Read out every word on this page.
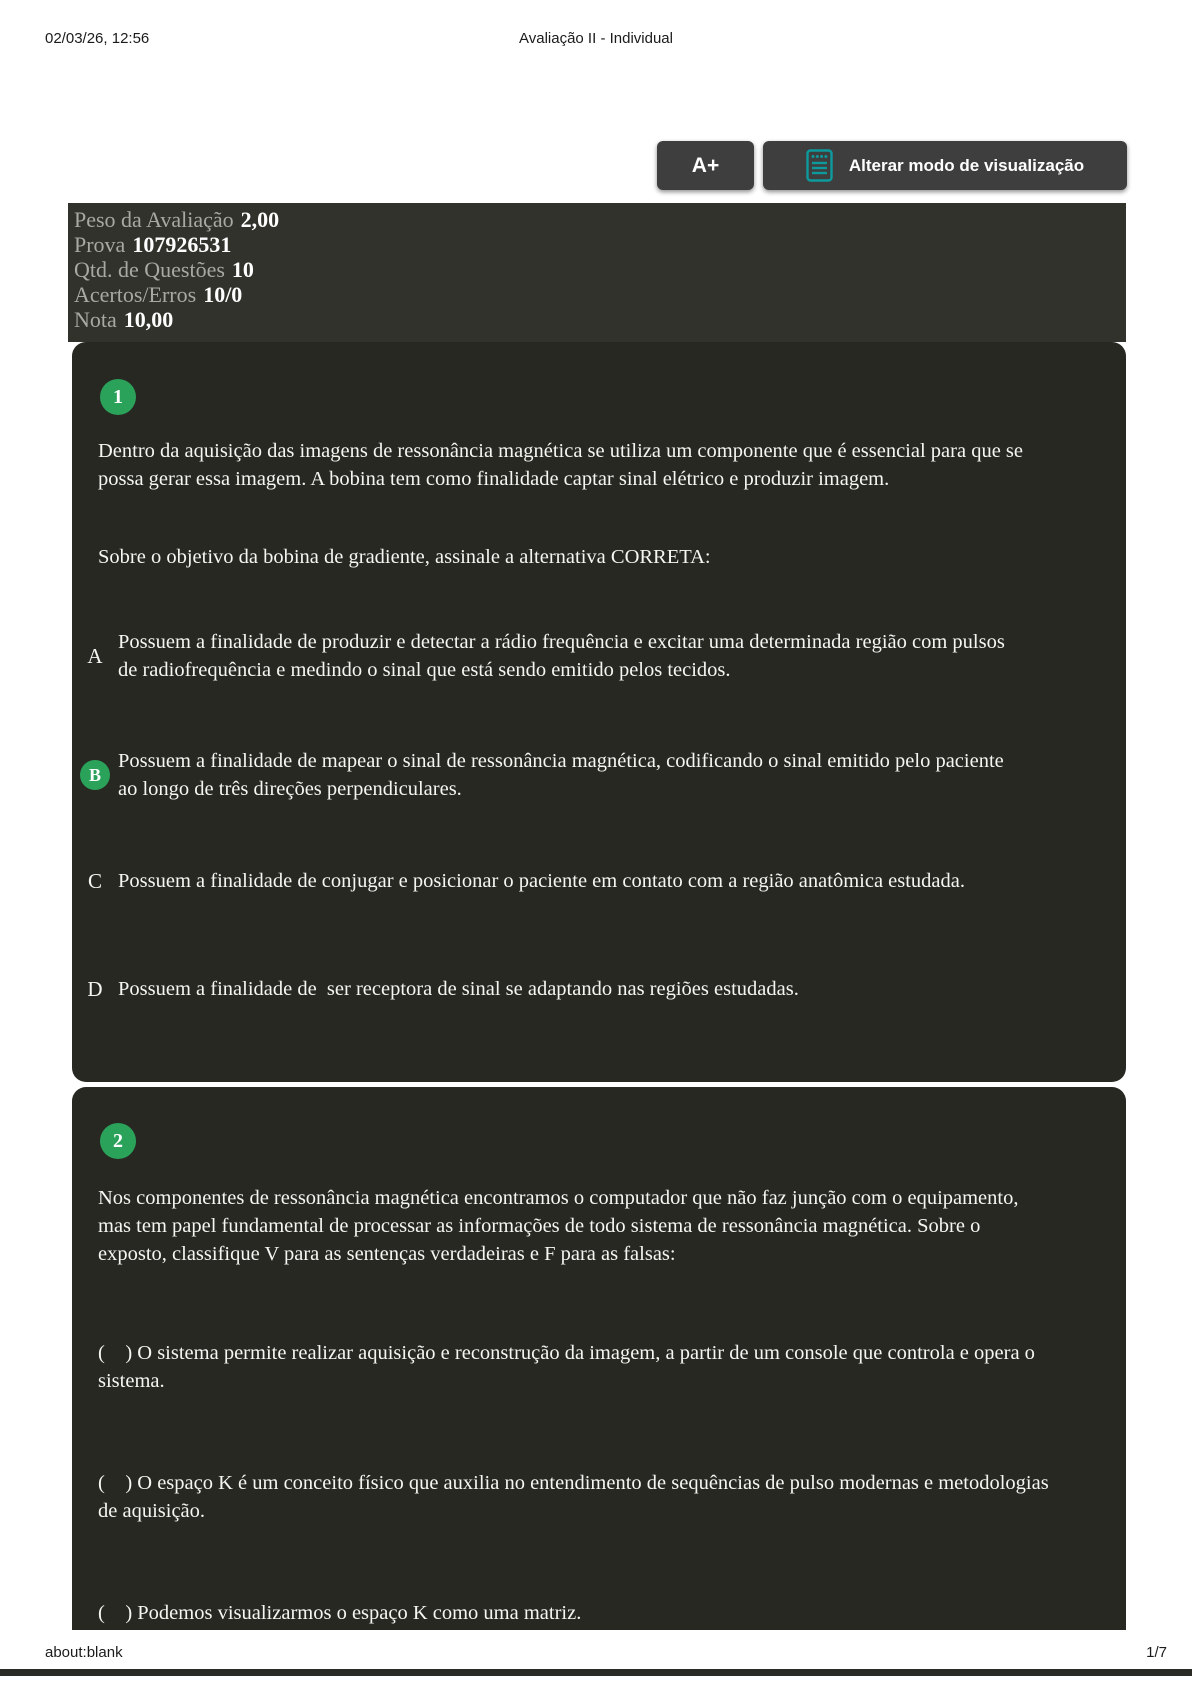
02/03/26, 12:56	Avaliação II - Individual
A+	Alterar modo de visualização
Peso da Avaliação 2,00
Prova 107926531
Qtd. de Questões 10
Acertos/Erros 10/0
Nota 10,00
1
Dentro da aquisição das imagens de ressonância magnética se utiliza um componente que é essencial para que se possa gerar essa imagem. A bobina tem como finalidade captar sinal elétrico e produzir imagem.
Sobre o objetivo da bobina de gradiente, assinale a alternativa CORRETA:
A
Possuem a finalidade de produzir e detectar a rádio frequência e excitar uma determinada região com pulsos de radiofrequência e medindo o sinal que está sendo emitido pelos tecidos.
B
Possuem a finalidade de mapear o sinal de ressonância magnética, codificando o sinal emitido pelo paciente ao longo de três direções perpendiculares.
C Possuem a finalidade de conjugar e posicionar o paciente em contato com a região anatômica estudada.
D Possuem a finalidade de  ser receptora de sinal se adaptando nas regiões estudadas.
2
Nos componentes de ressonância magnética encontramos o computador que não faz junção com o equipamento, mas tem papel fundamental de processar as informações de todo sistema de ressonância magnética. Sobre o exposto, classifique V para as sentenças verdadeiras e F para as falsas:
(    ) O sistema permite realizar aquisição e reconstrução da imagem, a partir de um console que controla e opera o sistema.
(    ) O espaço K é um conceito físico que auxilia no entendimento de sequências de pulso modernas e metodologias de aquisição.
(    ) Podemos visualizarmos o espaço K como uma matriz.
about:blank	1/7
